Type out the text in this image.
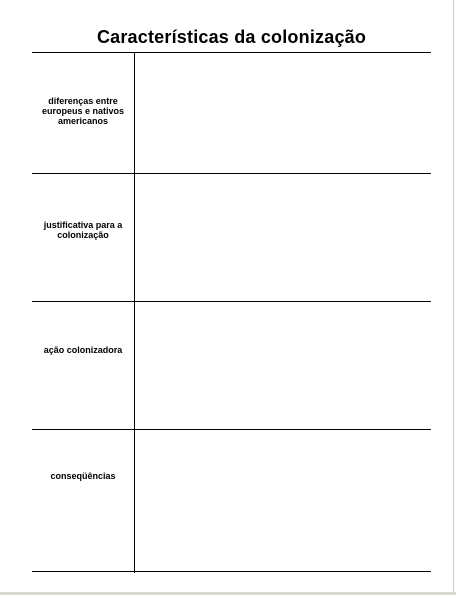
Características da colonização
diferenças entre europeus e nativos americanos
justificativa para a colonização
ação colonizadora
conseqüências
